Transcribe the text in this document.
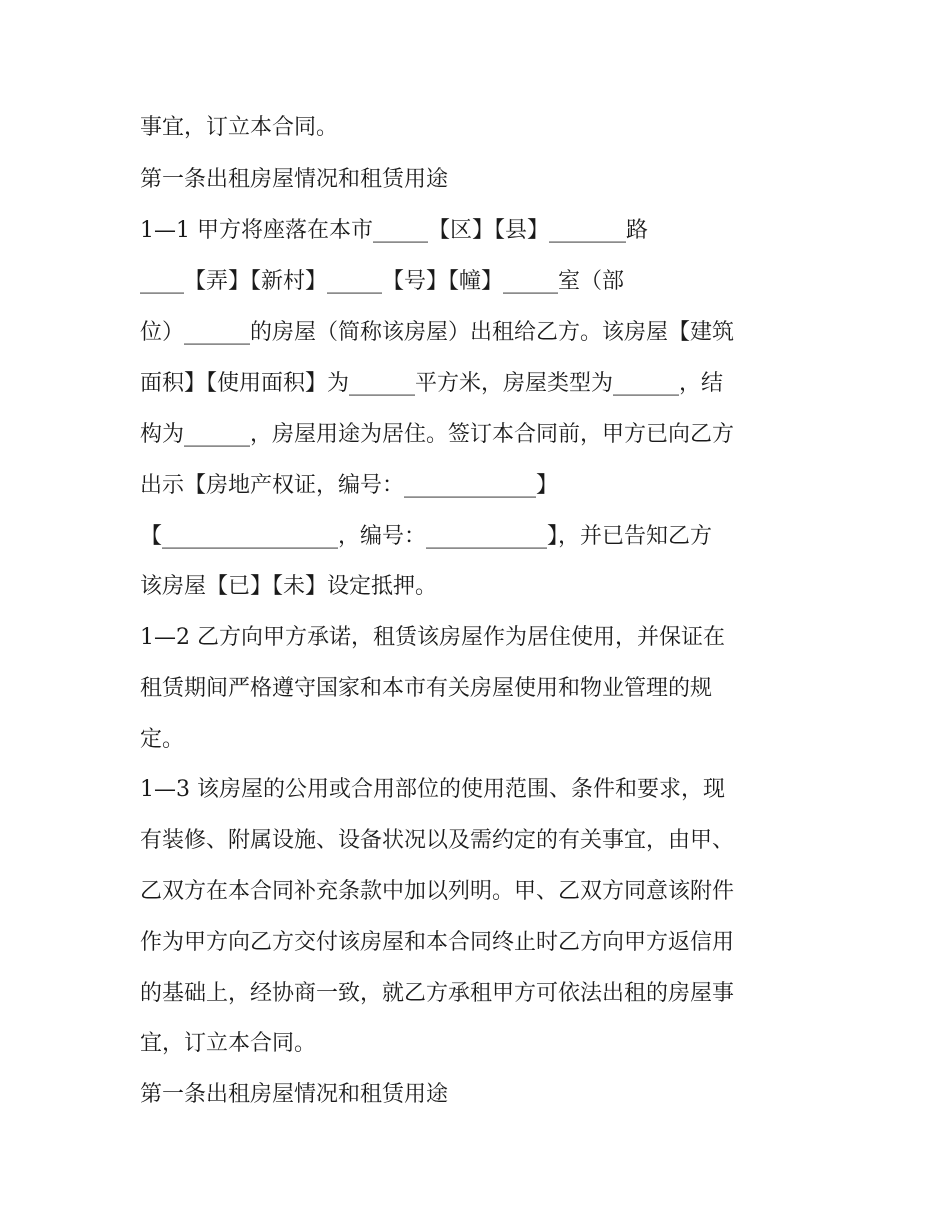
事宜，订立本合同。
第一条出租房屋情况和租赁用途
1—1 甲方将座落在本市_____【区】【县】_______路
____【弄】【新村】_____【号】【幢】_____室（部
位）______的房屋（简称该房屋）出租给乙方。该房屋【建筑
面积】【使用面积】为______平方米，房屋类型为______，结
构为______，房屋用途为居住。签订本合同前，甲方已向乙方
出示【房地产权证，编号：____________】
【________________，编号：___________】，并已告知乙方
该房屋【已】【未】设定抵押。
1—2 乙方向甲方承诺，租赁该房屋作为居住使用，并保证在
租赁期间严格遵守国家和本市有关房屋使用和物业管理的规
定。
1—3 该房屋的公用或合用部位的使用范围、条件和要求，现
有装修、附属设施、设备状况以及需约定的有关事宜，由甲、
乙双方在本合同补充条款中加以列明。甲、乙双方同意该附件
作为甲方向乙方交付该房屋和本合同终止时乙方向甲方返信用
的基础上，经协商一致，就乙方承租甲方可依法出租的房屋事
宜，订立本合同。
第一条出租房屋情况和租赁用途
